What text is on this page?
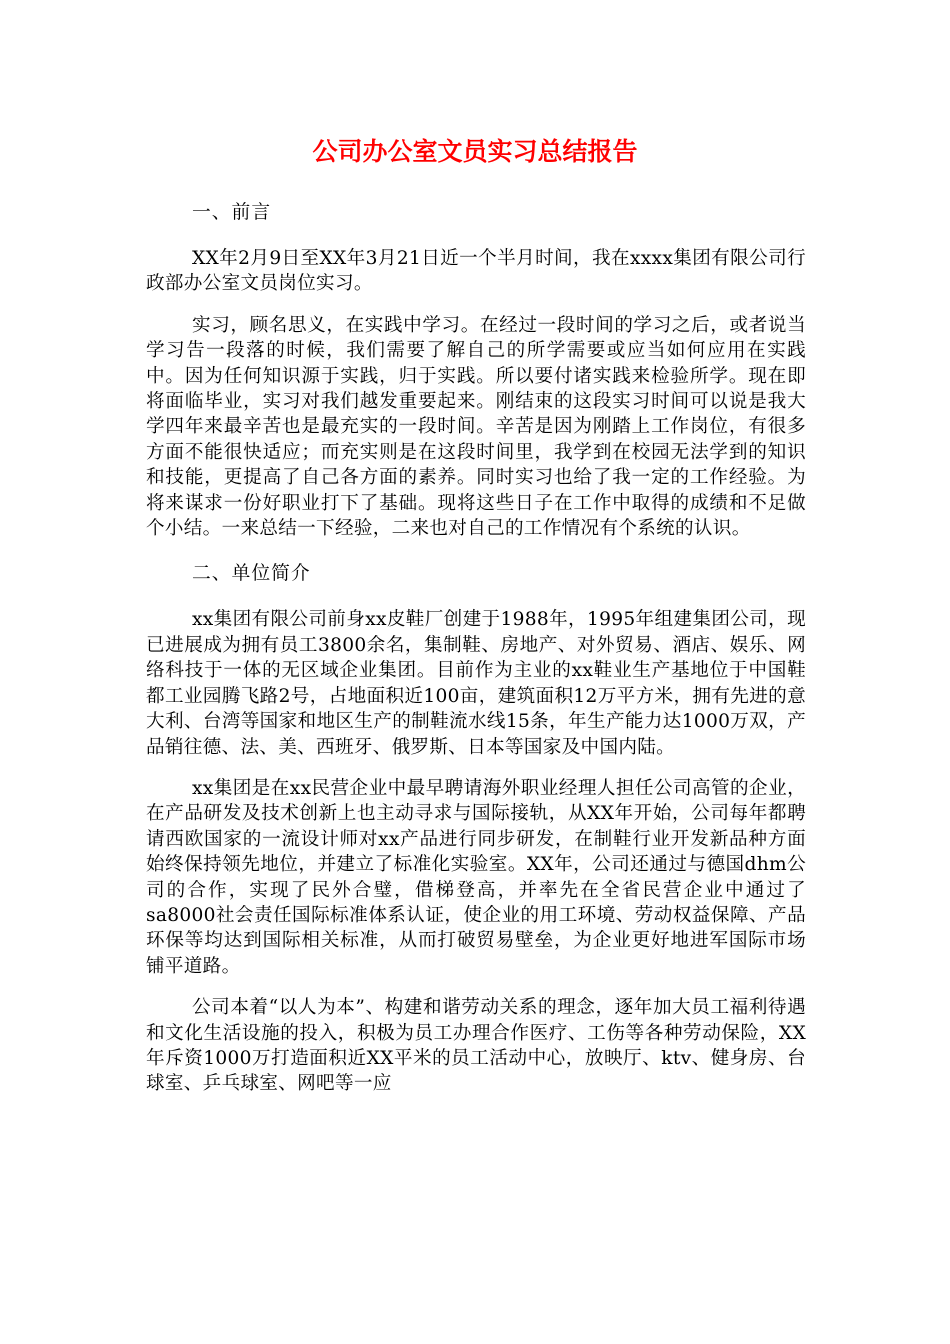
公司办公室文员实习总结报告
一、前言

XX年2月9日至XX年3月21日近一个半月时间，我在xxxx集团有限公司行政部办公室文员岗位实习。

实习，顾名思义，在实践中学习。在经过一段时间的学习之后，或者说当学习告一段落的时候，我们需要了解自己的所学需要或应当如何应用在实践中。因为任何知识源于实践，归于实践。所以要付诸实践来检验所学。现在即将面临毕业，实习对我们越发重要起来。刚结束的这段实习时间可以说是我大学四年来最辛苦也是最充实的一段时间。辛苦是因为刚踏上工作岗位，有很多方面不能很快适应；而充实则是在这段时间里，我学到在校园无法学到的知识和技能，更提高了自己各方面的素养。同时实习也给了我一定的工作经验。为将来谋求一份好职业打下了基础。现将这些日子在工作中取得的成绩和不足做个小结。一来总结一下经验，二来也对自己的工作情况有个系统的认识。

二、单位简介

xx集团有限公司前身xx皮鞋厂创建于1988年，1995年组建集团公司，现已进展成为拥有员工3800余名，集制鞋、房地产、对外贸易、酒店、娱乐、网络科技于一体的无区域企业集团。目前作为主业的xx鞋业生产基地位于中国鞋都工业园腾飞路2号，占地面积近100亩，建筑面积12万平方米，拥有先进的意大利、台湾等国家和地区生产的制鞋流水线15条，年生产能力达1000万双，产品销往德、法、美、西班牙、俄罗斯、日本等国家及中国内陆。

xx集团是在xx民营企业中最早聘请海外职业经理人担任公司高管的企业，在产品研发及技术创新上也主动寻求与国际接轨，从XX年开始，公司每年都聘请西欧国家的一流设计师对xx产品进行同步研发，在制鞋行业开发新品种方面始终保持领先地位，并建立了标准化实验室。XX年，公司还通过与德国dhm公司的合作，实现了民外合璧，借梯登高，并率先在全省民营企业中通过了sa8000社会责任国际标准体系认证，使企业的用工环境、劳动权益保障、产品环保等均达到国际相关标准，从而打破贸易壁垒，为企业更好地进军国际市场铺平道路。

公司本着“以人为本”、构建和谐劳动关系的理念，逐年加大员工福利待遇和文化生活设施的投入，积极为员工办理合作医疗、工伤等各种劳动保险，XX年斥资1000万打造面积近XX平米的员工活动中心，放映厅、ktv、健身房、台球室、乒乓球室、网吧等一应
